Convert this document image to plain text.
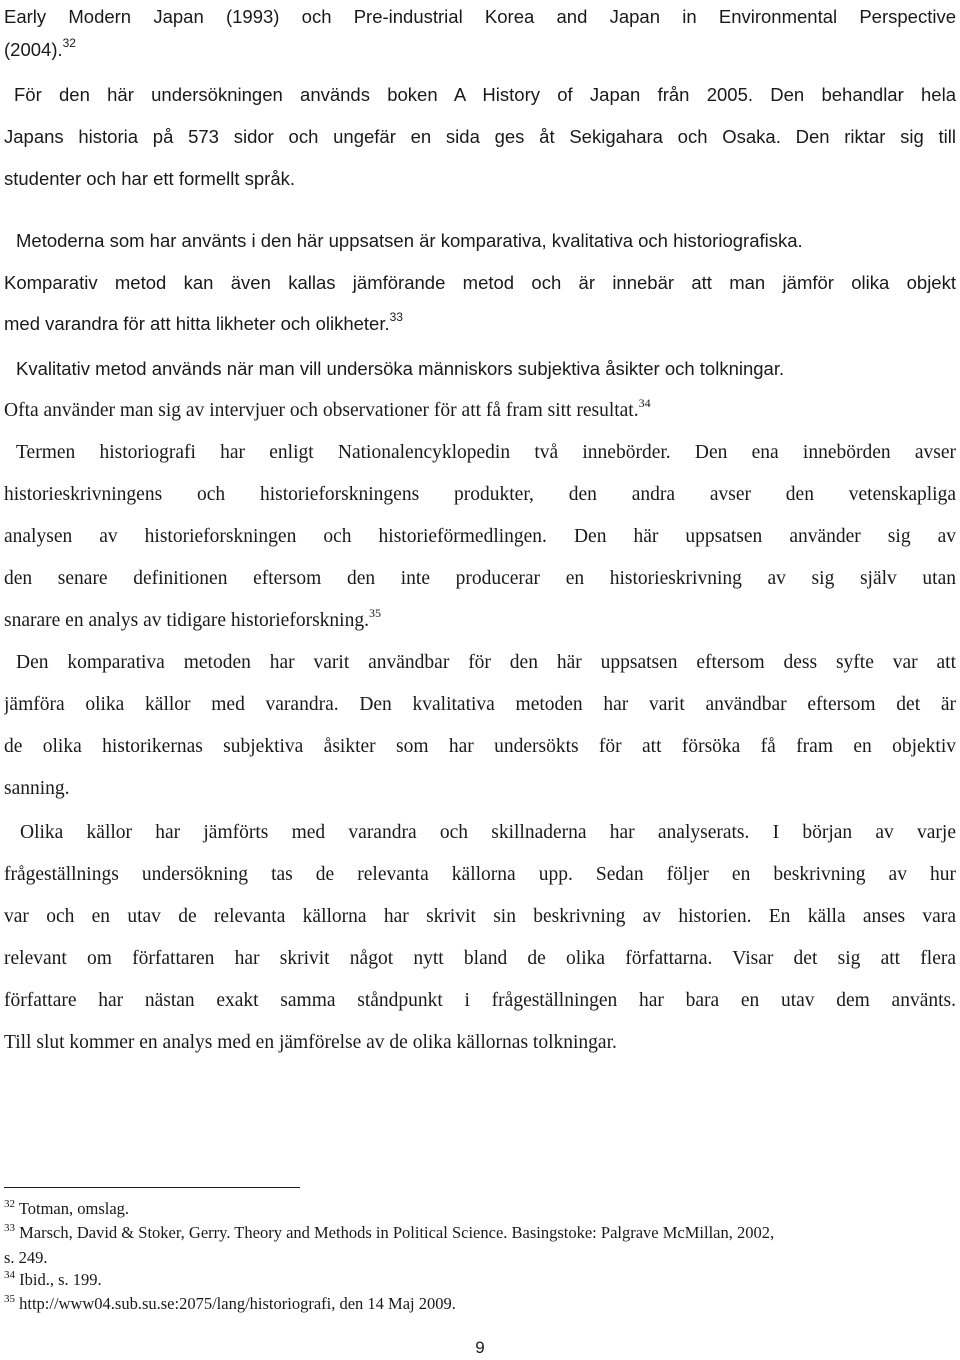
Early Modern Japan (1993) och Pre-industrial Korea and Japan in Environmental Perspective
(2004).$^{32}$
För den här undersökningen används boken A History of Japan från 2005. Den behandlar hela
Japans historia på 573 sidor och ungefär en sida ges åt Sekigahara och Osaka. Den riktar sig till
studenter och har ett formellt språk.
Metoderna som har använts i den här uppsatsen är komparativa, kvalitativa och historiografiska.
Komparativ metod kan även kallas jämförande metod och är innebär att man jämför olika objekt
med varandra för att hitta likheter och olikheter.$^{33}$
Kvalitativ metod används när man vill undersöka människors subjektiva åsikter och tolkningar.
Ofta använder man sig av intervjuer och observationer för att få fram sitt resultat.$^{34}$
Termen historiografi har enligt Nationalencyklopedin två innebörder. Den ena innebörden avser
historieskrivningens och historieforskningens produkter, den andra avser den vetenskapliga
analysen av historieforskningen och historieförmedlingen. Den här uppsatsen använder sig av
den senare definitionen eftersom den inte producerar en historieskrivning av sig själv utan
snarare en analys av tidigare historieforskning.$^{35}$
Den komparativa metoden har varit användbar för den här uppsatsen eftersom dess syfte var att
jämföra olika källor med varandra. Den kvalitativa metoden har varit användbar eftersom det är
de olika historikernas subjektiva åsikter som har undersökts för att försöka få fram en objektiv
sanning.
Olika källor har jämförts med varandra och skillnaderna har analyserats. I början av varje
frågeställnings undersökning tas de relevanta källorna upp. Sedan följer en beskrivning av hur
var och en utav de relevanta källorna har skrivit sin beskrivning av historien. En källa anses vara
relevant om författaren har skrivit något nytt bland de olika författarna. Visar det sig att flera
författare har nästan exakt samma ståndpunkt i frågeställningen har bara en utav dem använts.
Till slut kommer en analys med en jämförelse av de olika källornas tolkningar.
$^{32}$ Totman, omslag.
$^{33}$ Marsch, David & Stoker, Gerry. Theory and Methods in Political Science. Basingstoke: Palgrave McMillan, 2002,
s. 249.
$^{34}$ Ibid., s. 199.
$^{35}$ http://www04.sub.su.se:2075/lang/historiografi, den 14 Maj 2009.
9
